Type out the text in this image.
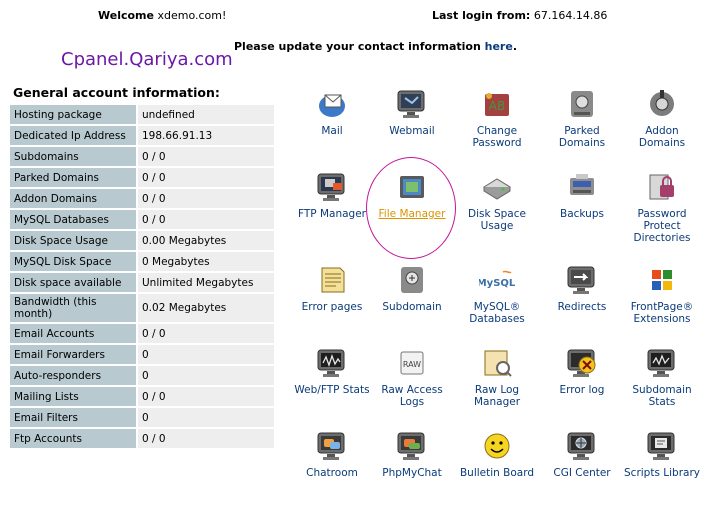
Welcome xdemo.com!	Last login from: 67.164.14.86
Please update your contact information here.
Cpanel.Qariya.com
General account information:
Hosting package	undefined
Dedicated Ip Address	198.66.91.13
Subdomains	0 / 0
Parked Domains	0 / 0
Addon Domains	0 / 0
MySQL Databases	0 / 0
Disk Space Usage	0.00 Megabytes
MySQL Disk Space	0 Megabytes
Disk space available	Unlimited Megabytes
Bandwidth (this month)	0.02 Megabytes
Email Accounts	0 / 0
Email Forwarders	0
Auto-responders	0
Mailing Lists	0 / 0
Email Filters	0
Ftp Accounts	0 / 0
Mail	Webmail
AB
Change Password
Parked Domains
Addon Domains
FTP Manager	File Manager	Disk Space Usage
Backups	Password Protect Directories
Error pages	Subdomain
MySQL
MySQL® Databases
Redirects	FrontPage® Extensions
Web/FTP Stats
RAW
Raw Access Logs
Raw Log Manager
Error log	Subdomain Stats
Chatroom	PhpMyChat	Bulletin Board	CGI Center	Scripts Library
